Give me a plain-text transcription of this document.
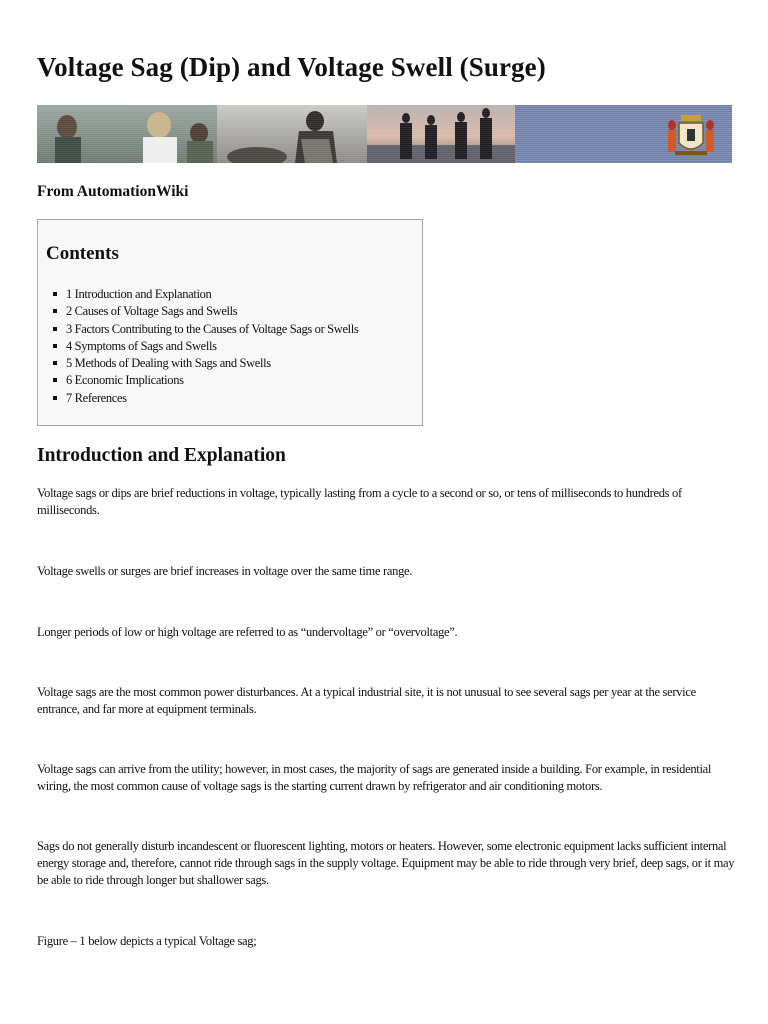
Voltage Sag (Dip) and Voltage Swell (Surge)
From AutomationWiki
Contents
1 Introduction and Explanation
2 Causes of Voltage Sags and Swells
3 Factors Contributing to the Causes of Voltage Sags or Swells
4 Symptoms of Sags and Swells
5 Methods of Dealing with Sags and Swells
6 Economic Implications
7 References
Introduction and Explanation

Voltage sags or dips are brief reductions in voltage, typically lasting from a cycle to a second or so, or tens of milliseconds to hundreds of milliseconds.

Voltage swells or surges are brief increases in voltage over the same time range.

Longer periods of low or high voltage are referred to as “undervoltage” or “overvoltage”.

Voltage sags are the most common power disturbances. At a typical industrial site, it is not unusual to see several sags per year at the service entrance, and far more at equipment terminals.

Voltage sags can arrive from the utility; however, in most cases, the majority of sags are generated inside a building. For example, in residential wiring, the most common cause of voltage sags is the starting current drawn by refrigerator and air conditioning motors.

Sags do not generally disturb incandescent or fluorescent lighting, motors or heaters. However, some electronic equipment lacks sufficient internal energy storage and, therefore, cannot ride through sags in the supply voltage. Equipment may be able to ride through very brief, deep sags, or it may be able to ride through longer but shallower sags.

Figure – 1 below depicts a typical Voltage sag;
